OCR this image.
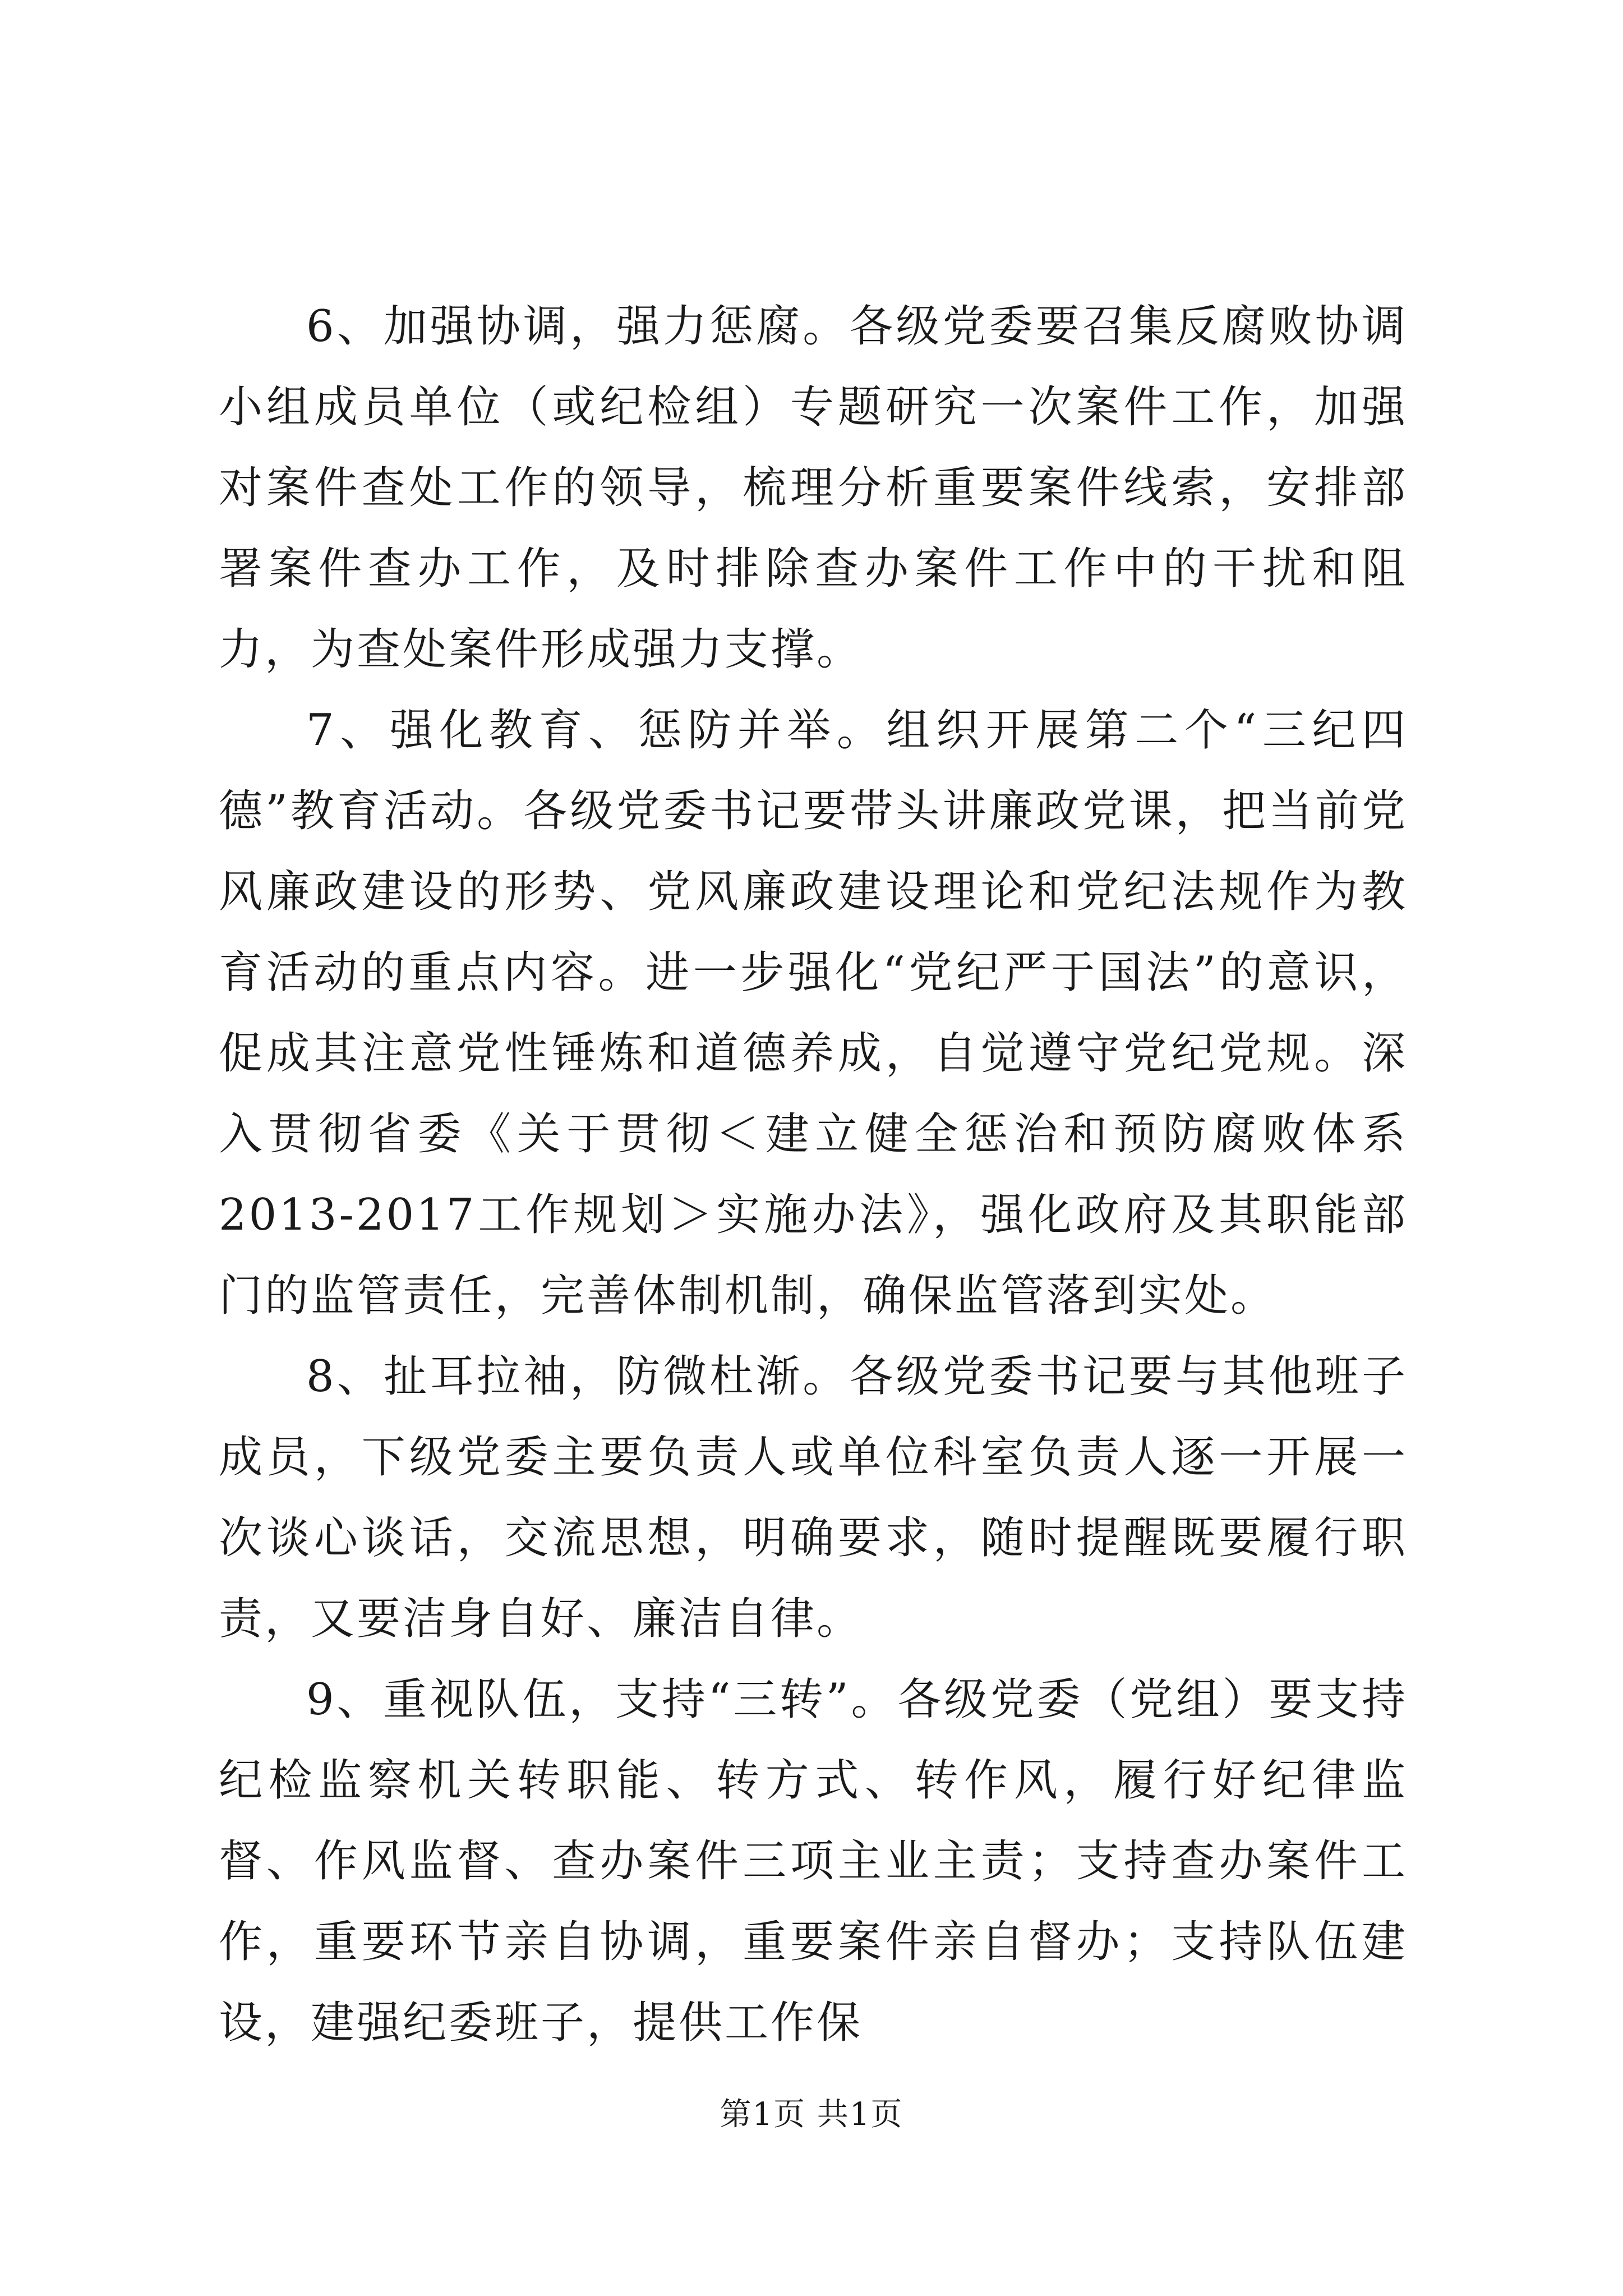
6、加强协调，强力惩腐。各级党委要召集反腐败协调小组成员单位（或纪检组）专题研究一次案件工作，加强对案件查处工作的领导，梳理分析重要案件线索，安排部署案件查办工作，及时排除查办案件工作中的干扰和阻力，为查处案件形成强力支撑。

7、强化教育、惩防并举。组织开展第二个“三纪四德”教育活动。各级党委书记要带头讲廉政党课，把当前党风廉政建设的形势、党风廉政建设理论和党纪法规作为教育活动的重点内容。进一步强化“党纪严于国法”的意识，促成其注意党性锤炼和道德养成，自觉遵守党纪党规。深入贯彻省委《关于贯彻＜建立健全惩治和预防腐败体系2013-2017工作规划＞实施办法》，强化政府及其职能部门的监管责任，完善体制机制，确保监管落到实处。

8、扯耳拉袖，防微杜渐。各级党委书记要与其他班子成员，下级党委主要负责人或单位科室负责人逐一开展一次谈心谈话，交流思想，明确要求，随时提醒既要履行职责，又要洁身自好、廉洁自律。

9、重视队伍，支持“三转”。各级党委（党组）要支持纪检监察机关转职能、转方式、转作风，履行好纪律监督、作风监督、查办案件三项主业主责；支持查办案件工作，重要环节亲自协调，重要案件亲自督办；支持队伍建设，建强纪委班子，提供工作保

第1页 共1页
